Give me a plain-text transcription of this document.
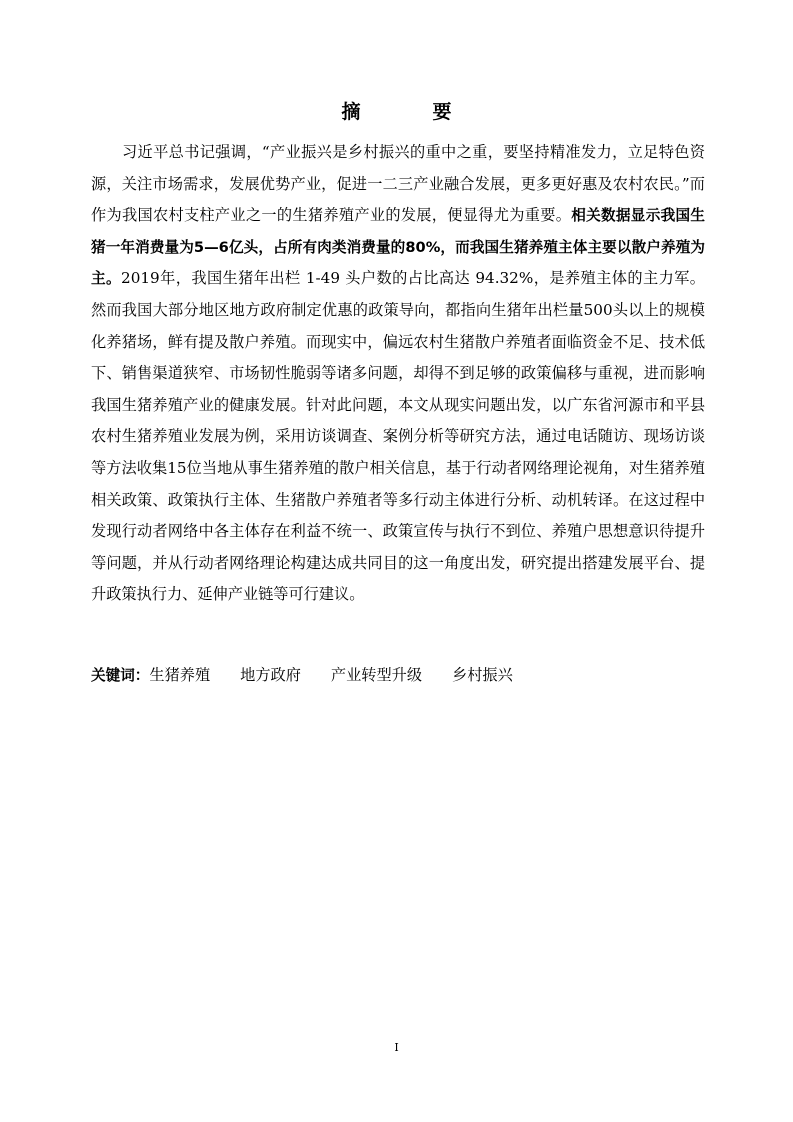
摘	要

习近平总书记强调，“产业振兴是乡村振兴的重中之重，要坚持精准发力，立足特色资源，关注市场需求，发展优势产业，促进一二三产业融合发展，更多更好惠及农村农民。”而作为我国农村支柱产业之一的生猪养殖产业的发展，便显得尤为重要。相关数据显示我国生猪一年消费量为5—6亿头，占所有肉类消费量的80%，而我国生猪养殖主体主要以散户养殖为主。2019年，我国生猪年出栏 1-49 头户数的占比高达 94.32%，是养殖主体的主力军。然而我国大部分地区地方政府制定优惠的政策导向，都指向生猪年出栏量500头以上的规模化养猪场，鲜有提及散户养殖。而现实中，偏远农村生猪散户养殖者面临资金不足、技术低下、销售渠道狭窄、市场韧性脆弱等诸多问题，却得不到足够的政策偏移与重视，进而影响我国生猪养殖产业的健康发展。针对此问题，本文从现实问题出发，以广东省河源市和平县农村生猪养殖业发展为例，采用访谈调查、案例分析等研究方法，通过电话随访、现场访谈等方法收集15位当地从事生猪养殖的散户相关信息，基于行动者网络理论视角，对生猪养殖相关政策、政策执行主体、生猪散户养殖者等多行动主体进行分析、动机转译。在这过程中发现行动者网络中各主体存在利益不统一、政策宣传与执行不到位、养殖户思想意识待提升等问题，并从行动者网络理论构建达成共同目的这一角度出发，研究提出搭建发展平台、提升政策执行力、延伸产业链等可行建议。

关键词：生猪养殖 地方政府 产业转型升级 乡村振兴
I
